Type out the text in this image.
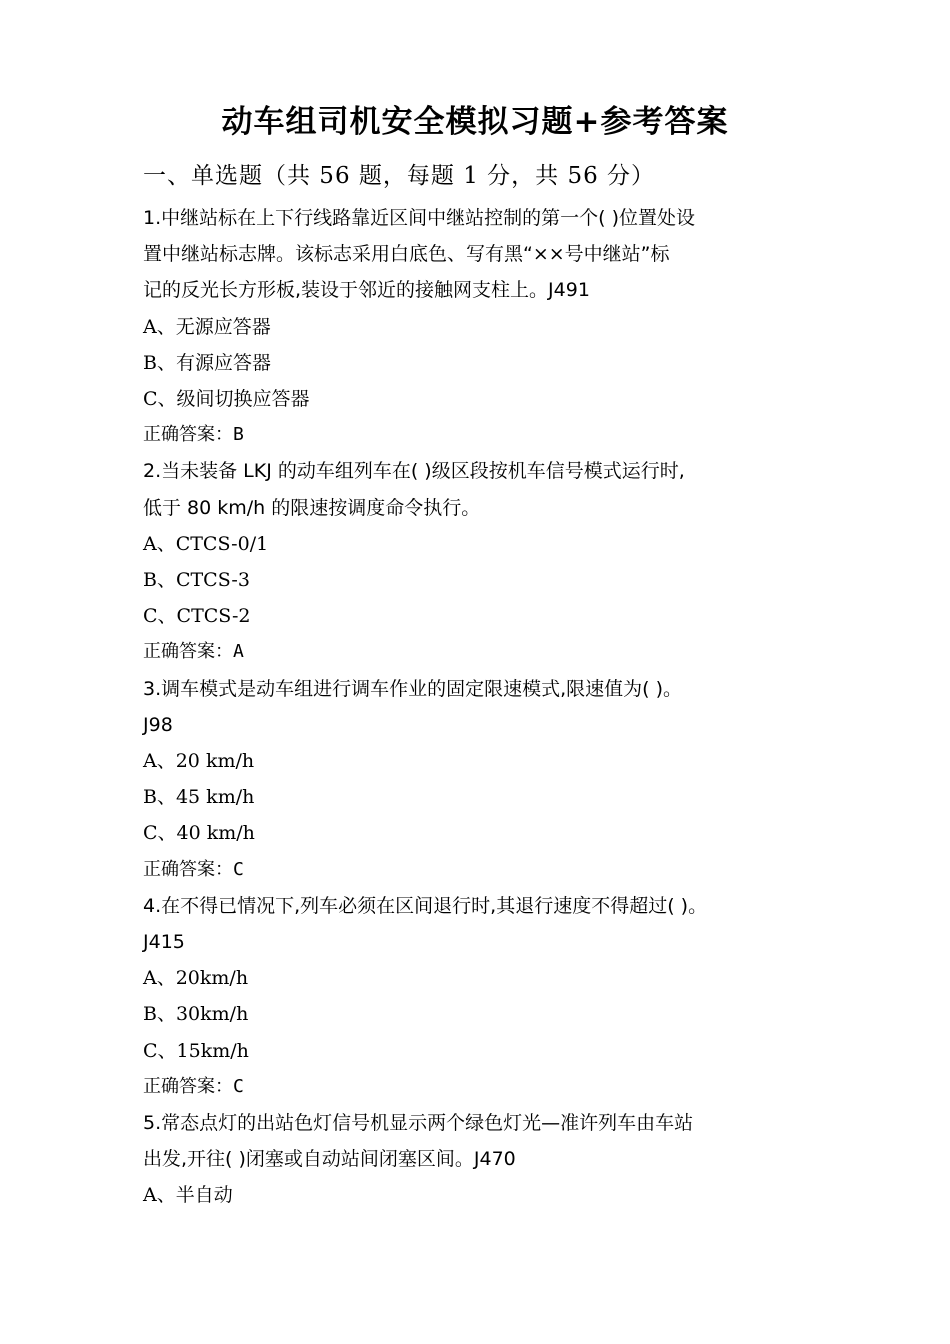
动车组司机安全模拟习题+参考答案
一、单选题（共 56 题，每题 1 分，共 56 分）
1.中继站标在上下行线路靠近区间中继站控制的第一个( )位置处设
置中继站标志牌。该标志采用白底色、写有黑“××号中继站”标
记的反光长方形板,装设于邻近的接触网支柱上。J491
A、无源应答器
B、有源应答器
C、级间切换应答器
正确答案：B
2.当未装备 LKJ 的动车组列车在( )级区段按机车信号模式运行时,
低于 80 km/h 的限速按调度命令执行。
A、CTCS-0/1
B、CTCS-3
C、CTCS-2
正确答案：A
3.调车模式是动车组进行调车作业的固定限速模式,限速值为( )。
J98
A、20 km/h
B、45 km/h
C、40 km/h
正确答案：C
4.在不得已情况下,列车必须在区间退行时,其退行速度不得超过( )。
J415
A、20km/h
B、30km/h
C、15km/h
正确答案：C
5.常态点灯的出站色灯信号机显示两个绿色灯光—准许列车由车站
出发,开往( )闭塞或自动站间闭塞区间。J470
A、半自动
